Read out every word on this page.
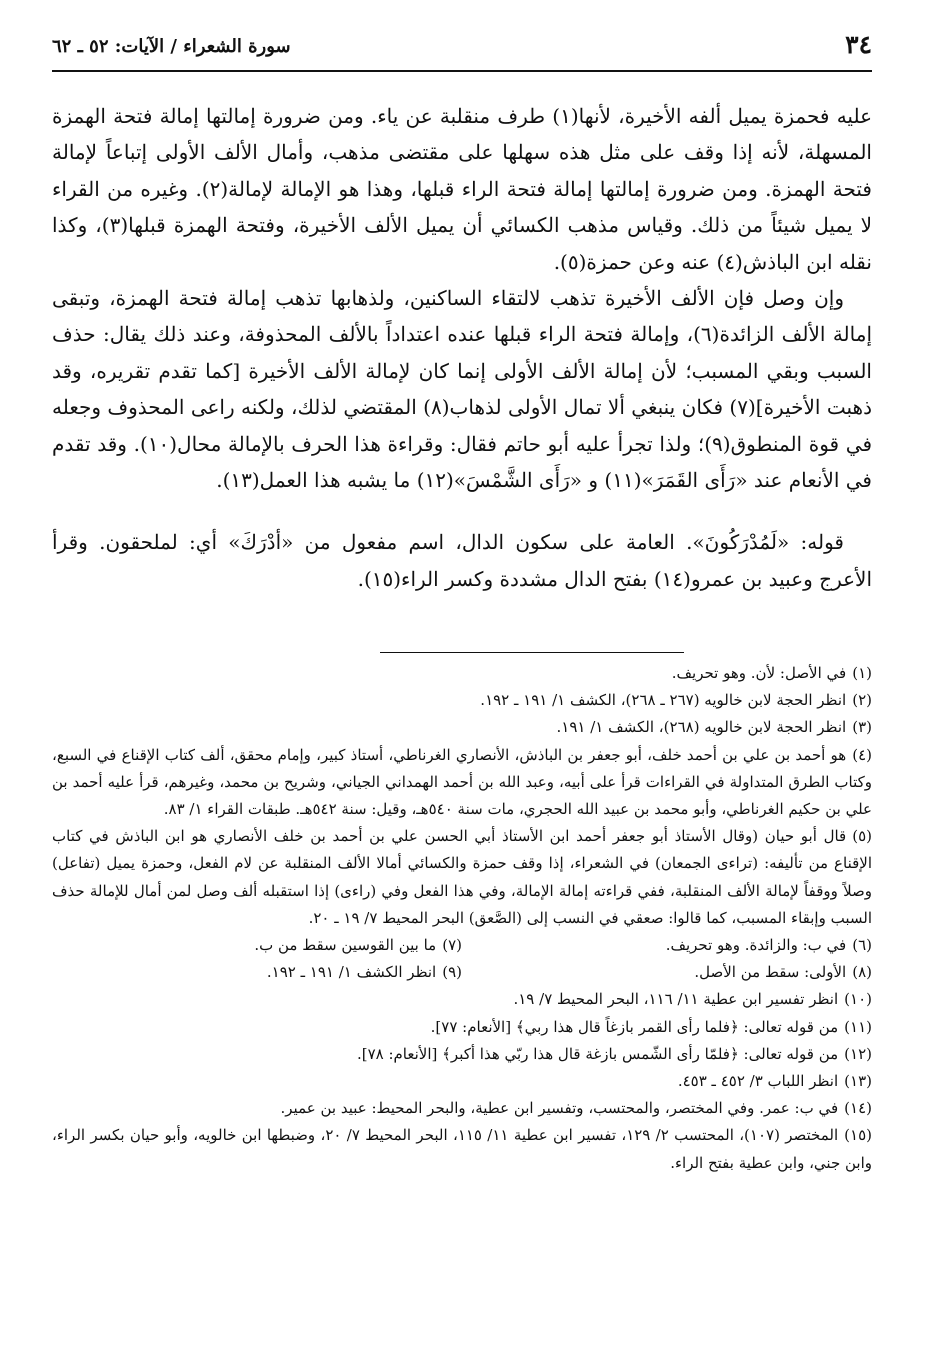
٣٤
سورة الشعراء / الآيات: ٥٢ ـ ٦٢

عليه فحمزة يميل ألفه الأخيرة، لأنها(١) طرف منقلبة عن ياء. ومن ضرورة إمالتها إمالة فتحة الهمزة المسهلة، لأنه إذا وقف على مثل هذه سهلها على مقتضى مذهب، وأمال الألف الأولى إتباعاً لإمالة فتحة الهمزة. ومن ضرورة إمالتها إمالة فتحة الراء قبلها، وهذا هو الإمالة لإمالة(٢). وغيره من القراء لا يميل شيئاً من ذلك. وقياس مذهب الكسائي أن يميل الألف الأخيرة، وفتحة الهمزة قبلها(٣)، وكذا نقله ابن الباذش(٤) عنه وعن حمزة(٥).

وإن وصل فإن الألف الأخيرة تذهب لالتقاء الساكنين، ولذهابها تذهب إمالة فتحة الهمزة، وتبقى إمالة الألف الزائدة(٦)، وإمالة فتحة الراء قبلها عنده اعتداداً بالألف المحذوفة، وعند ذلك يقال: حذف السبب وبقي المسبب؛ لأن إمالة الألف الأولى إنما كان لإمالة الألف الأخيرة [كما تقدم تقريره، وقد ذهبت الأخيرة](٧) فكان ينبغي ألا تمال الأولى لذهاب(٨) المقتضي لذلك، ولكنه راعى المحذوف وجعله في قوة المنطوق(٩)؛ ولذا تجرأ عليه أبو حاتم فقال: وقراءة هذا الحرف بالإمالة محال(١٠). وقد تقدم في الأنعام عند «رَأَى القَمَرَ»(١١) و «رَأَى الشَّمْسَ»(١٢) ما يشبه هذا العمل(١٣).

قوله: «لَمُدْرَكُونَ». العامة على سكون الدال، اسم مفعول من «أدْرَكَ» أي: لملحقون. وقرأ الأعرج وعبيد بن عمرو(١٤) بفتح الدال مشددة وكسر الراء(١٥).

(١)في الأصل: لأن. وهو تحريف.
(٢)انظر الحجة لابن خالويه (٢٦٧ ـ ٢٦٨)، الكشف ١/ ١٩١ ـ ١٩٢.
(٣)انظر الحجة لابن خالويه (٢٦٨)، الكشف ١/ ١٩١.
(٤)هو أحمد بن علي بن أحمد خلف، أبو جعفر بن الباذش، الأنصاري الغرناطي، أستاذ كبير، وإمام محقق، ألف كتاب الإقناع في السبع، وكتاب الطرق المتداولة في القراءات قرأ على أبيه، وعبد الله بن أحمد الهمداني الجياني، وشريح بن محمد، وغيرهم، قرأ عليه أحمد بن علي بن حكيم الغرناطي، وأبو محمد بن عبيد الله الحجري، مات سنة ٥٤٠هـ، وقيل: سنة ٥٤٢هـ. طبقات القراء ١/ ٨٣.
(٥)قال أبو حيان (وقال الأستاذ أبو جعفر أحمد ابن الأستاذ أبي الحسن علي بن أحمد بن خلف الأنصاري هو ابن الباذش في كتاب الإقناع من تأليفه: (تراءى الجمعان) في الشعراء، إذا وقف حمزة والكسائي أمالا الألف المنقلبة عن لام الفعل، وحمزة يميل (تفاعل) وصلاً ووقفاً لإمالة الألف المنقلبة، ففي قراءته إمالة الإمالة، وفي هذا الفعل وفي (راءى) إذا استقبله ألف وصل لمن أمال للإمالة حذف السبب وإبقاء المسبب، كما قالوا: صعقي في النسب إلى (الصَّعق) البحر المحيط ٧/ ١٩ ـ ٢٠.
(٦)في ب: والزائدة. وهو تحريف.
(٧)ما بين القوسين سقط من ب.
(٨)الأولى: سقط من الأصل.
(٩)انظر الكشف ١/ ١٩١ ـ ١٩٢.
(١٠)انظر تفسير ابن عطية ١١/ ١١٦، البحر المحيط ٧/ ١٩.
(١١)من قوله تعالى: ﴿فلما رأى القمر بازغاً قال هذا ربي﴾ [الأنعام: ٧٧].
(١٢)من قوله تعالى: ﴿فلمّا رأى الشّمس بازغة قال هذا ربّي هذا أكبر﴾ [الأنعام: ٧٨].
(١٣)انظر اللباب ٣/ ٤٥٢ ـ ٤٥٣.
(١٤)في ب: عمر. وفي المختصر، والمحتسب، وتفسير ابن عطية، والبحر المحيط: عبيد بن عمير.
(١٥)المختصر (١٠٧)، المحتسب ٢/ ١٢٩، تفسير ابن عطية ١١/ ١١٥، البحر المحيط ٧/ ٢٠، وضبطها ابن خالويه، وأبو حيان بكسر الراء، وابن جني، وابن عطية بفتح الراء.
